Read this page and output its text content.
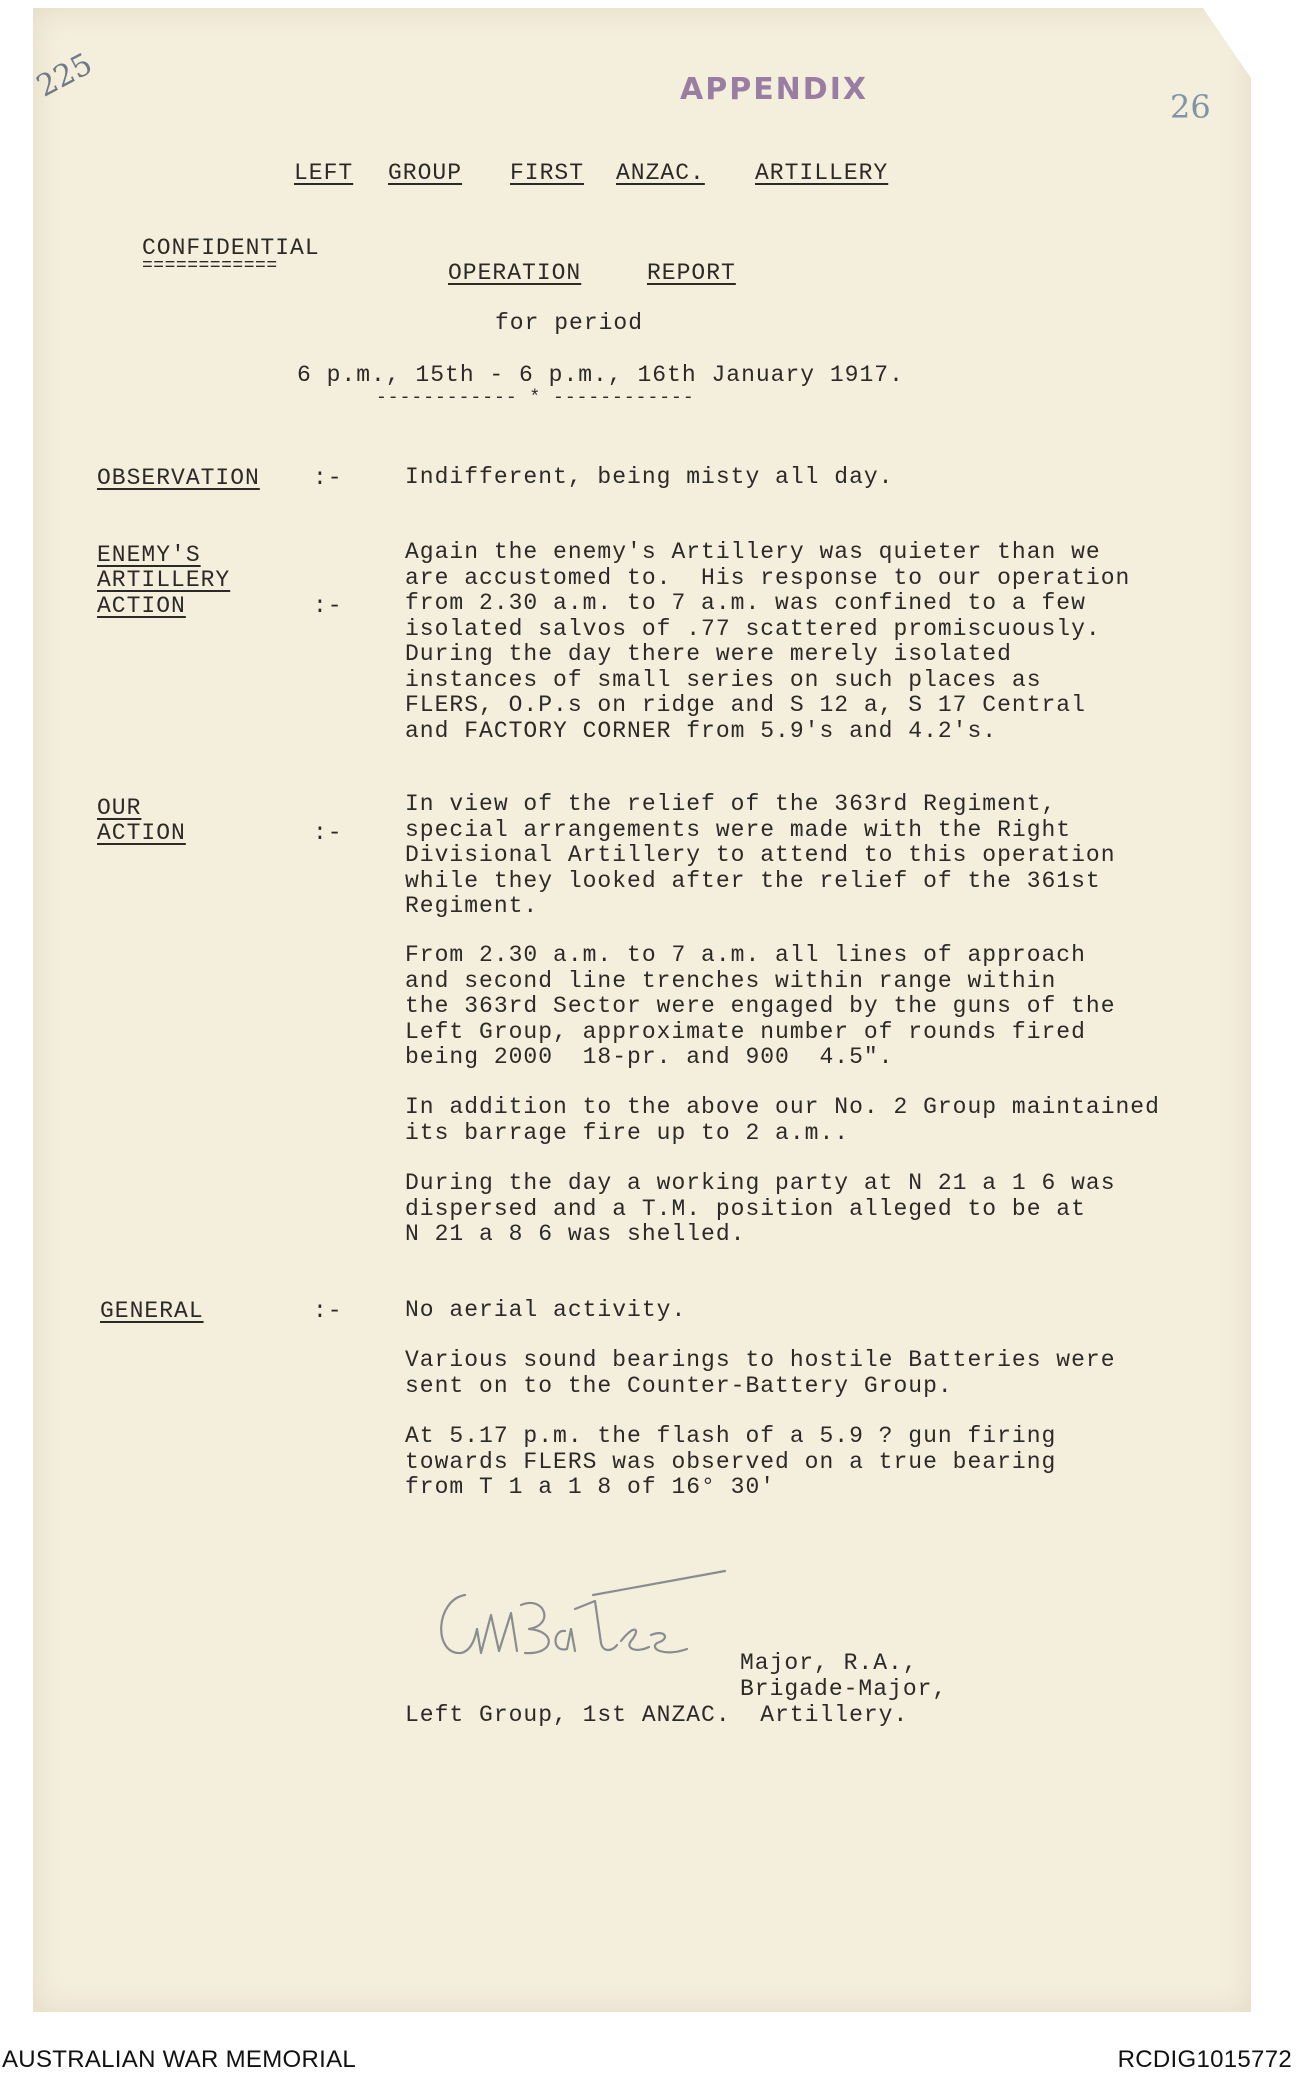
225
26
APPENDIX
LEFT GROUP FIRST ANZAC. ARTILLERY
CONFIDENTIAL
============	OPERATION	REPORT
for period
6 p.m., 15th - 6 p.m., 16th January 1917.
------------ * ------------
OBSERVATION :-	Indifferent, being misty all day.
ENEMY'S
ARTILLERY
ACTION	:-
Again the enemy's Artillery was quieter than we
are accustomed to.  His response to our operation
from 2.30 a.m. to 7 a.m. was confined to a few
isolated salvos of .77 scattered promiscuously.
During the day there were merely isolated
instances of small series on such places as
FLERS, O.P.s on ridge and S 12 a, S 17 Central
and FACTORY CORNER from 5.9's and 4.2's.
OUR
ACTION	:-
In view of the relief of the 363rd Regiment,
special arrangements were made with the Right
Divisional Artillery to attend to this operation
while they looked after the relief of the 361st
Regiment.
From 2.30 a.m. to 7 a.m. all lines of approach
and second line trenches within range within
the 363rd Sector were engaged by the guns of the
Left Group, approximate number of rounds fired
being 2000  18-pr. and 900  4.5".
In addition to the above our No. 2 Group maintained
its barrage fire up to 2 a.m..
During the day a working party at N 21 a 1 6 was
dispersed and a T.M. position alleged to be at
N 21 a 8 6 was shelled.
GENERAL	:-	No aerial activity.
Various sound bearings to hostile Batteries were
sent on to the Counter-Battery Group.
At 5.17 p.m. the flash of a 5.9 ? gun firing
towards FLERS was observed on a true bearing
from T 1 a 1 8 of 16° 30'
Major, R.A.,
Brigade-Major,
Left Group, 1st ANZAC.  Artillery.
AUSTRALIAN WAR MEMORIAL	RCDIG1015772
